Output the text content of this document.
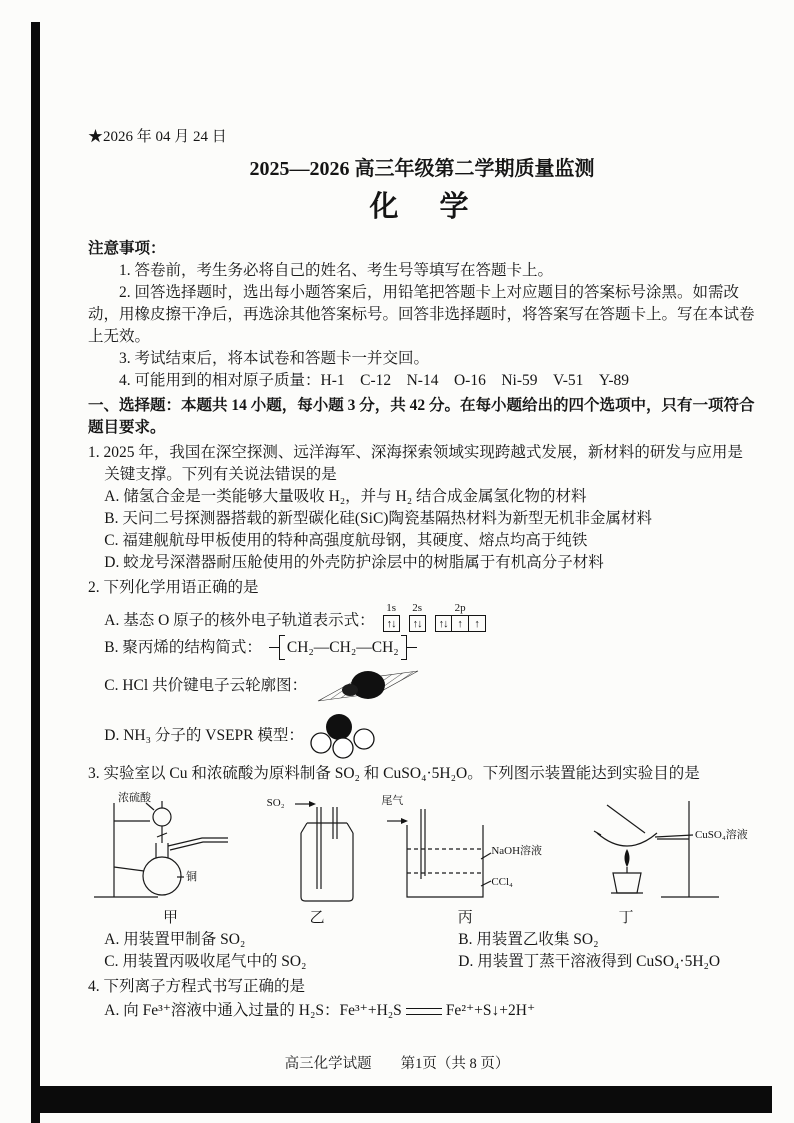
★2026 年 04 月 24 日

2025—2026 高三年级第二学期质量监测

化　学

注意事项：

1. 答卷前，考生务必将自己的姓名、考生号等填写在答题卡上。

2. 回答选择题时，选出每小题答案后，用铅笔把答题卡上对应题目的答案标号涂黑。如需改动，用橡皮擦干净后，再选涂其他答案标号。回答非选择题时，将答案写在答题卡上。写在本试卷上无效。

3. 考试结束后，将本试卷和答题卡一并交回。

4. 可能用到的相对原子质量：H-1　C-12　N-14　O-16　Ni-59　V-51　Y-89

一、选择题：本题共 14 小题，每小题 3 分，共 42 分。在每小题给出的四个选项中，只有一项符合题目要求。

1. 2025 年，我国在深空探测、远洋海军、深海探索领域实现跨越式发展，新材料的研发与应用是关键支撑。下列有关说法错误的是

A. 储氢合金是一类能够大量吸收 H₂，并与 H₂ 结合成金属氢化物的材料

B. 天问二号探测器搭载的新型碳化硅(SiC)陶瓷基隔热材料为新型无机非金属材料

C. 福建舰航母甲板使用的特种高强度航母钢，其硬度、熔点均高于纯铁

D. 蛟龙号深潜器耐压舱使用的外壳防护涂层中的树脂属于有机高分子材料

2. 下列化学用语正确的是

A. 基态 O 原子的核外电子轨道表示式：
1s
↑↓
2s
↑↓
2p
↑↓ ↑	↑
B. 聚丙烯的结构简式： CH₂—CH₂—CH₂
C. HCl 共价键电子云轮廓图：
D. NH₃ 分子的 VSEPR 模型：

3. 实验室以 Cu 和浓硫酸为原料制备 SO₂ 和 CuSO₄·5H₂O。下列图示装置能达到实验目的是

浓硫酸
铜
甲
SO₂
乙
尾气
NaOH溶液
CCl₄
丙
CuSO₄溶液
丁

A. 用装置甲制备 SO₂	B. 用装置乙收集 SO₂

C. 用装置丙吸收尾气中的 SO₂	D. 用装置丁蒸干溶液得到 CuSO₄·5H₂O

4. 下列离子方程式书写正确的是

A. 向 Fe³⁺溶液中通入过量的 H₂S：Fe³⁺+H₂S	Fe²⁺+S↓+2H⁺

高三化学试题　　第1页（共 8 页）
